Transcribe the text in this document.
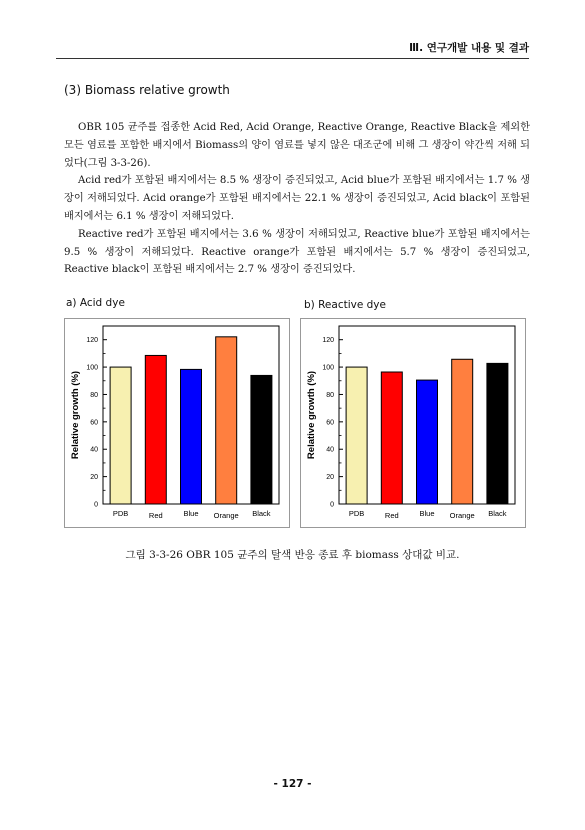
Ⅲ. 연구개발 내용 및 결과
(3) Biomass relative growth

OBR 105 균주를 접종한 Acid Red, Acid Orange, Reactive Orange, Reactive Black을 제외한 모든 염료를 포함한 배지에서 Biomass의 양이 염료를 넣지 않은 대조군에 비해 그 생장이 약간씩 저해 되었다(그림 3-3-26).

Acid red가 포함된 배지에서는 8.5 % 생장이 증진되었고, Acid blue가 포함된 배지에서는 1.7 % 생장이 저해되었다. Acid orange가 포함된 배지에서는 22.1 % 생장이 증진되었고, Acid black이 포함된 배지에서는 6.1 % 생장이 저해되었다.

Reactive red가 포함된 배지에서는 3.6 % 생장이 저해되었고, Reactive blue가 포함된 배지에서는 9.5 % 생장이 저해되었다. Reactive orange가 포함된 배지에서는 5.7 % 생장이 증진되었고, Reactive black이 포함된 배지에서는 2.7 % 생장이 증진되었다.

a) Acid dye	b) Reactive dye
0
20
40
60
80
100
120
Relative growth (%)
PDB	Red	Blue Orange Black
0
20
40
60
80
100
120
Relative growth (%)
PDB	Red	Blue Orange Black
그림 3-3-26 OBR 105 균주의 탈색 반응 종료 후 biomass 상대값 비교.
- 127 -
